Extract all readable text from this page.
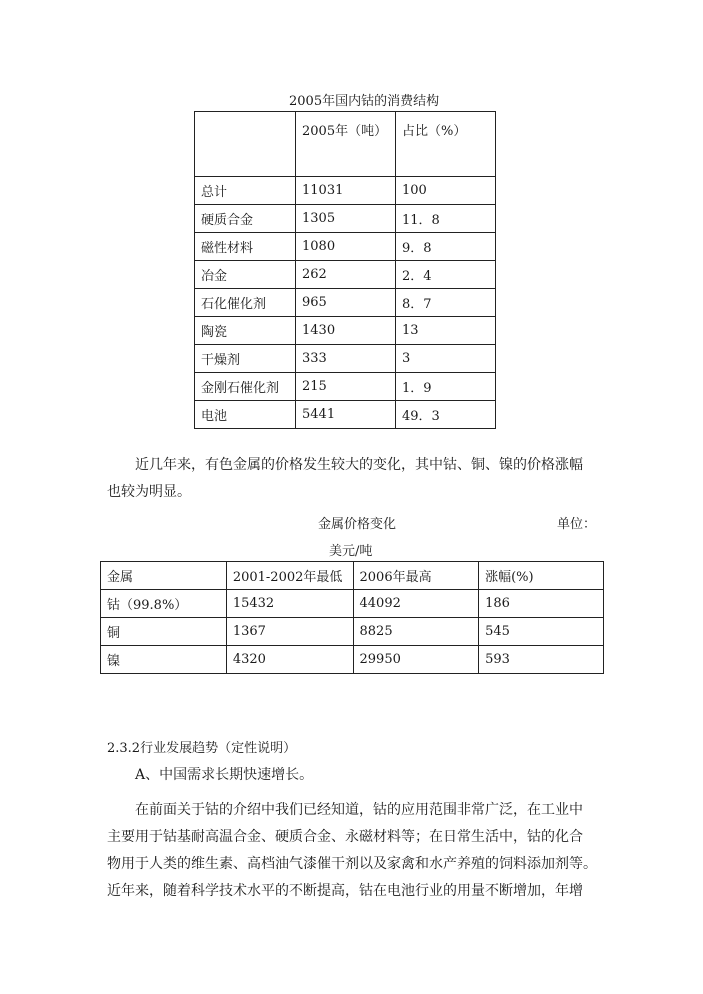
2005年国内钴的消费结构
	2005年（吨）	占比（%）
总计	11031	100
硬质合金	1305	11．8
磁性材料	1080	9．8
冶金	262	2．4
石化催化剂	965	8．7
陶瓷	1430	13
干燥剂	333	3
金刚石催化剂	215	1．9
电池	5441	49．3
近几年来，有色金属的价格发生较大的变化，其中钴、铜、镍的价格涨幅
也较为明显。
金属价格变化	单位：
美元/吨
金属	2001-2002年最低	2006年最高	涨幅(%)
钴（99.8%）	15432	44092	186
铜	1367	8825	545
镍	4320	29950	593
2.3.2行业发展趋势（定性说明）
A、中国需求长期快速增长。
在前面关于钴的介绍中我们已经知道，钴的应用范围非常广泛，在工业中
主要用于钴基耐高温合金、硬质合金、永磁材料等；在日常生活中，钴的化合
物用于人类的维生素、高档油气漆催干剂以及家禽和水产养殖的饲料添加剂等。
近年来，随着科学技术水平的不断提高，钴在电池行业的用量不断增加，年增
